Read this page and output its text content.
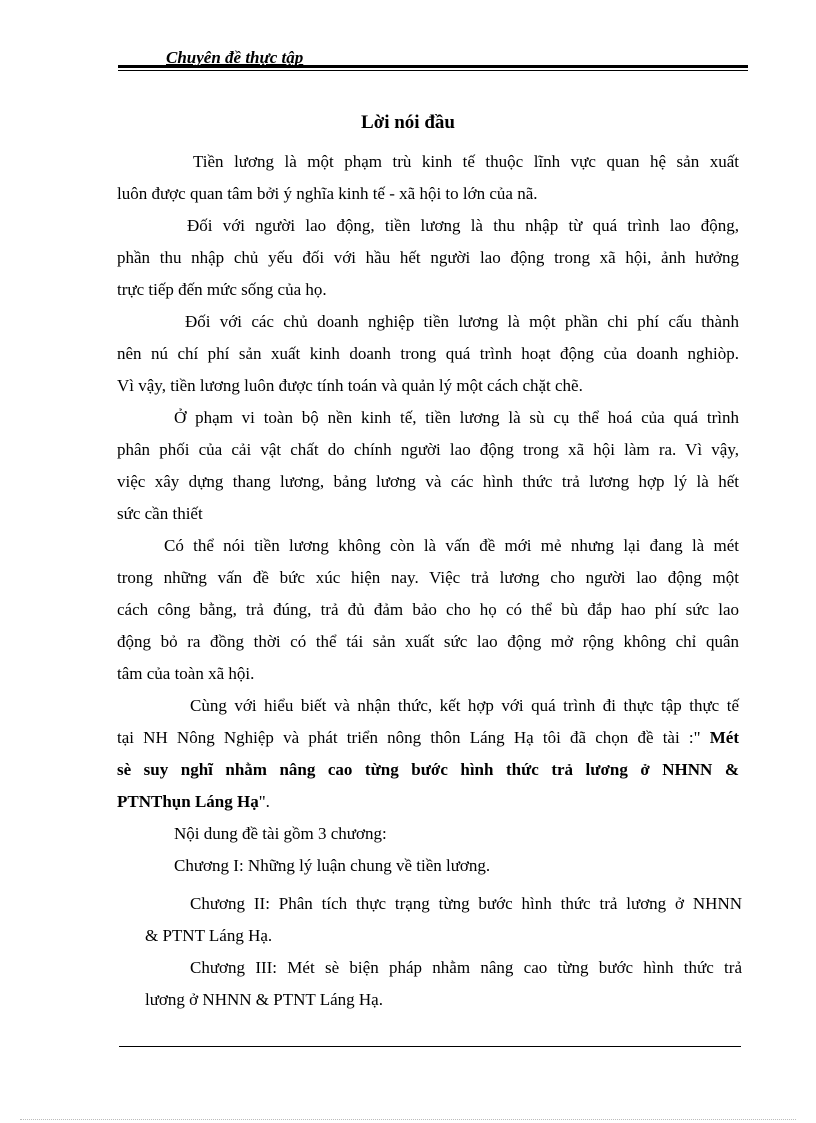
Chuyên đề thực tập
Lời nói đầu
Tiền lương là một phạm trù kinh tế thuộc lĩnh vực quan hệ sản xuất
luôn được quan tâm bởi ý nghĩa kinh tế - xã hội to lớn của nã.
Đối với người lao động, tiền lương là thu nhập từ quá trình lao động,
phần thu nhập chủ yếu đối với hầu hết người lao động trong xã hội, ảnh hưởng
trực tiếp đến mức sống của họ.
Đối với các chủ doanh nghiệp tiền lương là một phần chi phí cấu thành
nên nú chí phí sản xuất kinh doanh trong quá trình hoạt động của doanh nghiòp.
Vì vậy, tiền lương luôn được tính toán và quản lý một cách chặt chẽ.
Ở phạm vi toàn bộ nền kinh tế, tiền lương là sù cụ thể hoá của quá trình
phân phối của cải vật chất do chính người lao động trong xã hội làm ra. Vì vậy,
việc xây dựng thang lương, bảng lương và các hình thức trả lương hợp lý là hết
sức cần thiết
Có thể nói tiền lương không còn là vấn đề mới mẻ nhưng lại đang là mét
trong những vấn đề bức xúc hiện nay. Việc trả lương cho người lao động một
cách công bằng, trả đúng, trả đủ đảm bảo cho họ có thể bù đắp hao phí sức lao
động bỏ ra đồng thời có thể tái sản xuất sức lao động mở rộng không chỉ quân
tâm của toàn xã hội.
Cùng với hiểu biết và nhận thức, kết hợp với quá trình đi thực tập thực tế
tại NH Nông Nghiệp và phát triển nông thôn Láng Hạ tôi đã chọn đề tài :" Mét
sè suy nghĩ nhằm nâng cao từng bước hình thức trả lương ở NHNN &
PTNThụn Láng Hạ".
Nội dung đề tài gồm 3 chương:
Chương I: Những lý luận chung về tiền lương.
Chương II: Phân tích thực trạng từng bước hình thức trả lương ở NHNN
& PTNT Láng Hạ.
Chương III: Mét sè biện pháp nhằm nâng cao từng bước hình thức trả
lương ở NHNN & PTNT Láng Hạ.
